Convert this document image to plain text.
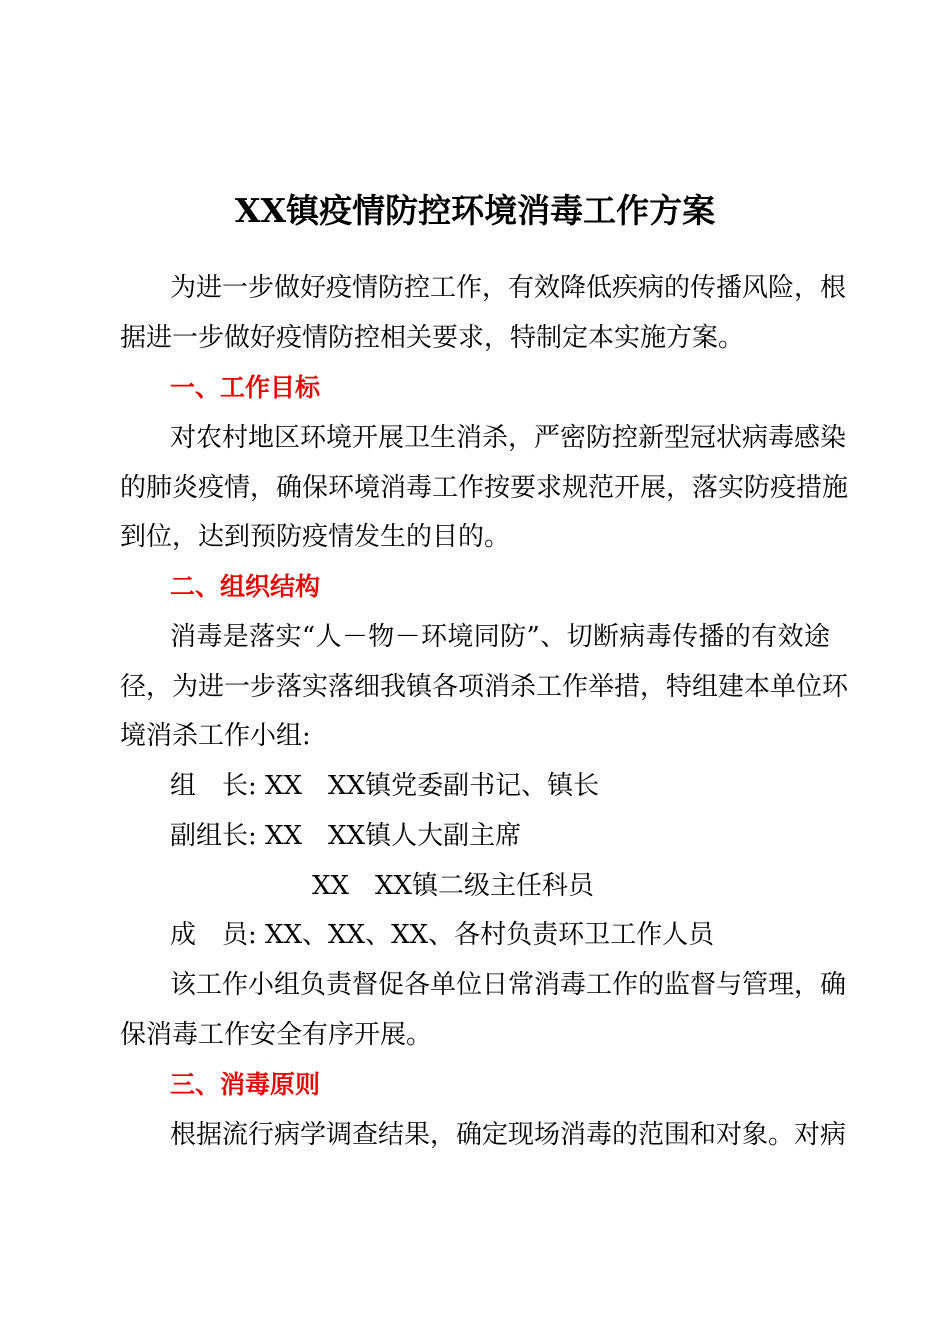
XX镇疫情防控环境消毒工作方案
为进一步做好疫情防控工作，有效降低疾病的传播风险，根
据进一步做好疫情防控相关要求，特制定本实施方案。
一、工作目标
对农村地区环境开展卫生消杀，严密防控新型冠状病毒感染
的肺炎疫情，确保环境消毒工作按要求规范开展，落实防疫措施
到位，达到预防疫情发生的目的。
二、组织结构
消毒是落实“人－物－环境同防”、切断病毒传播的有效途
径，为进一步落实落细我镇各项消杀工作举措，特组建本单位环
境消杀工作小组:
组　长: XX　XX镇党委副书记、镇长
副组长: XX　XX镇人大副主席
XX　XX镇二级主任科员
成　员: XX、XX、XX、各村负责环卫工作人员
该工作小组负责督促各单位日常消毒工作的监督与管理，确
保消毒工作安全有序开展。
三、消毒原则
根据流行病学调查结果，确定现场消毒的范围和对象。对病
